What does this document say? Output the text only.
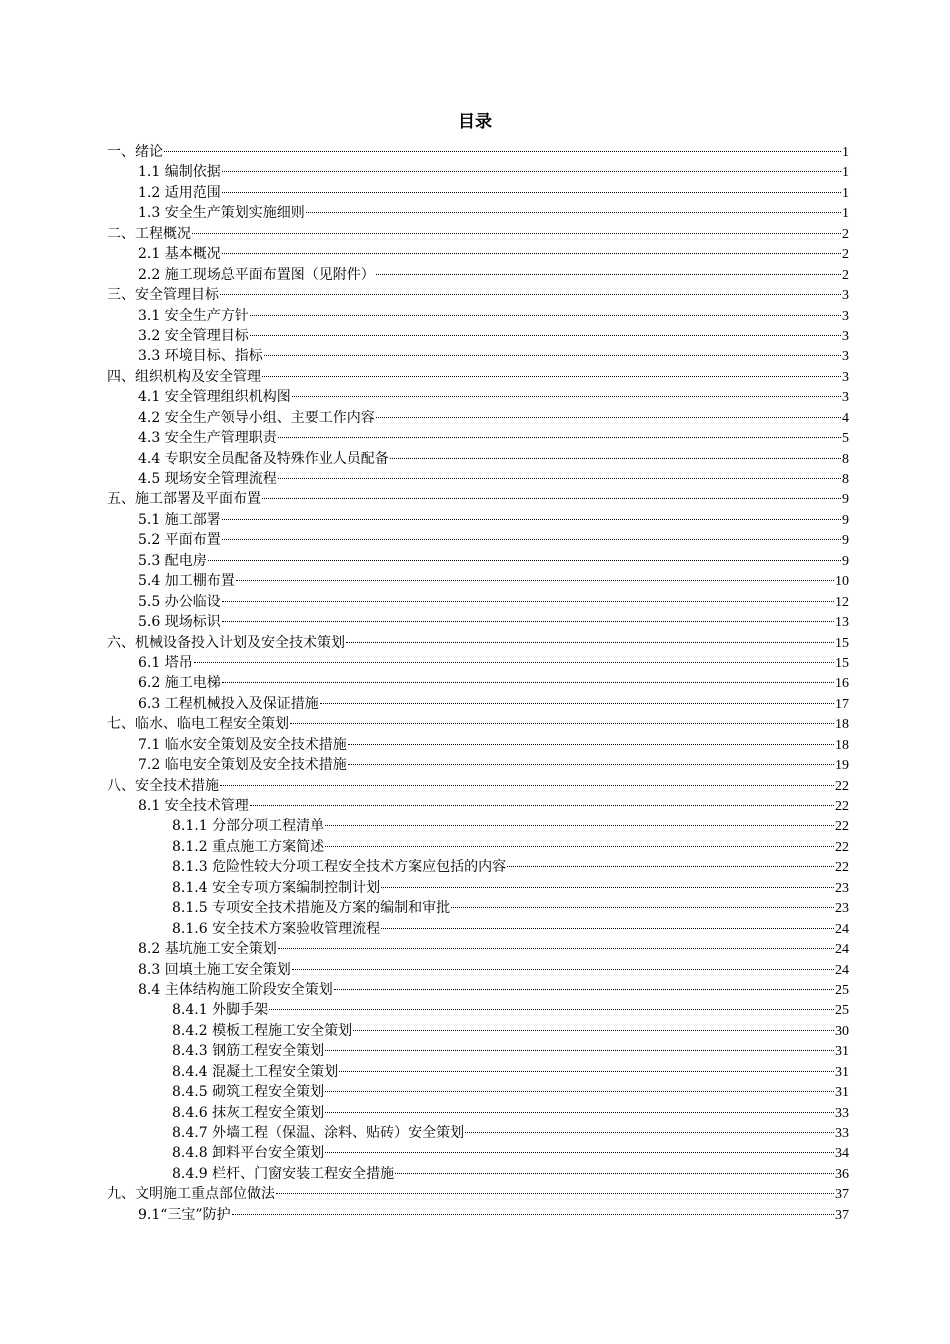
目录
一、绪论	1
1.1 编制依据	1
1.2 适用范围	1
1.3 安全生产策划实施细则	1
二、工程概况	2
2.1 基本概况	2
2.2 施工现场总平面布置图（见附件）	2
三、安全管理目标	3
3.1 安全生产方针	3
3.2 安全管理目标	3
3.3 环境目标、指标	3
四、组织机构及安全管理	3
4.1 安全管理组织机构图	3
4.2 安全生产领导小组、主要工作内容	4
4.3 安全生产管理职责	5
4.4 专职安全员配备及特殊作业人员配备	8
4.5 现场安全管理流程	8
五、施工部署及平面布置	9
5.1 施工部署	9
5.2 平面布置	9
5.3 配电房	9
5.4 加工棚布置	10
5.5 办公临设	12
5.6 现场标识	13
六、机械设备投入计划及安全技术策划	15
6.1 塔吊	15
6.2 施工电梯	16
6.3 工程机械投入及保证措施	17
七、临水、临电工程安全策划	18
7.1 临水安全策划及安全技术措施	18
7.2 临电安全策划及安全技术措施	19
八、安全技术措施	22
8.1 安全技术管理	22
8.1.1 分部分项工程清单	22
8.1.2 重点施工方案简述	22
8.1.3 危险性较大分项工程安全技术方案应包括的内容	22
8.1.4 安全专项方案编制控制计划	23
8.1.5 专项安全技术措施及方案的编制和审批	23
8.1.6 安全技术方案验收管理流程	24
8.2 基坑施工安全策划	24
8.3 回填土施工安全策划	24
8.4 主体结构施工阶段安全策划	25
8.4.1 外脚手架	25
8.4.2 模板工程施工安全策划	30
8.4.3 钢筋工程安全策划	31
8.4.4 混凝土工程安全策划	31
8.4.5 砌筑工程安全策划	31
8.4.6 抹灰工程安全策划	33
8.4.7 外墙工程（保温、涂料、贴砖）安全策划	33
8.4.8 卸料平台安全策划	34
8.4.9 栏杆、门窗安装工程安全措施	36
九、文明施工重点部位做法	37
9.1“三宝”防护	37
